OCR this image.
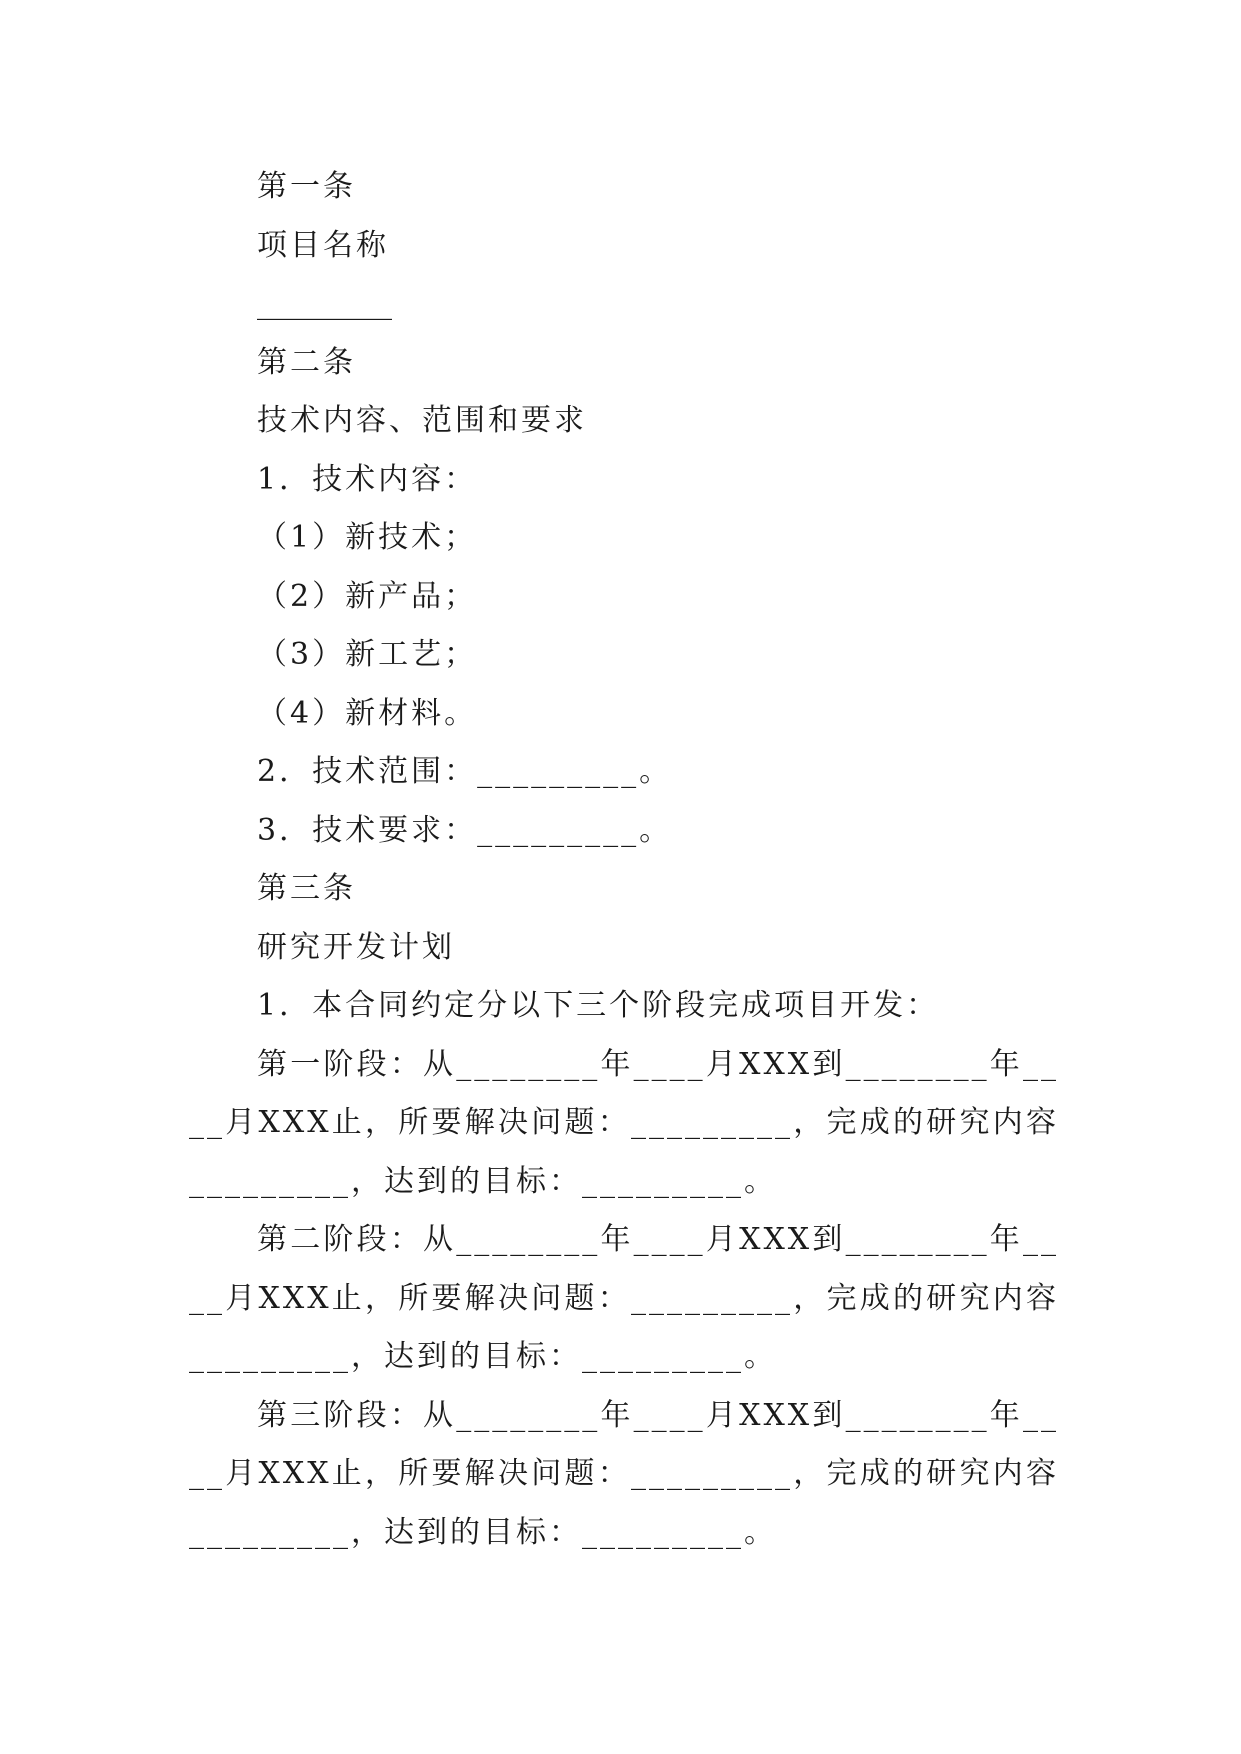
第一条
项目名称
_________
第二条
技术内容、范围和要求
1．技术内容：
（1）新技术；
（2）新产品；
（3）新工艺；
（4）新材料。
2．技术范围：_________。
3．技术要求：_________。
第三条
研究开发计划
1．本合同约定分以下三个阶段完成项目开发：
第一阶段：从________年____月XXX到________年____月XXX止，所要解决问题：_________，完成的研究内容_________，达到的目标：_________。
第二阶段：从________年____月XXX到________年____月XXX止，所要解决问题：_________，完成的研究内容_________，达到的目标：_________。
第三阶段：从________年____月XXX到________年____月XXX止，所要解决问题：_________，完成的研究内容_________，达到的目标：_________。
